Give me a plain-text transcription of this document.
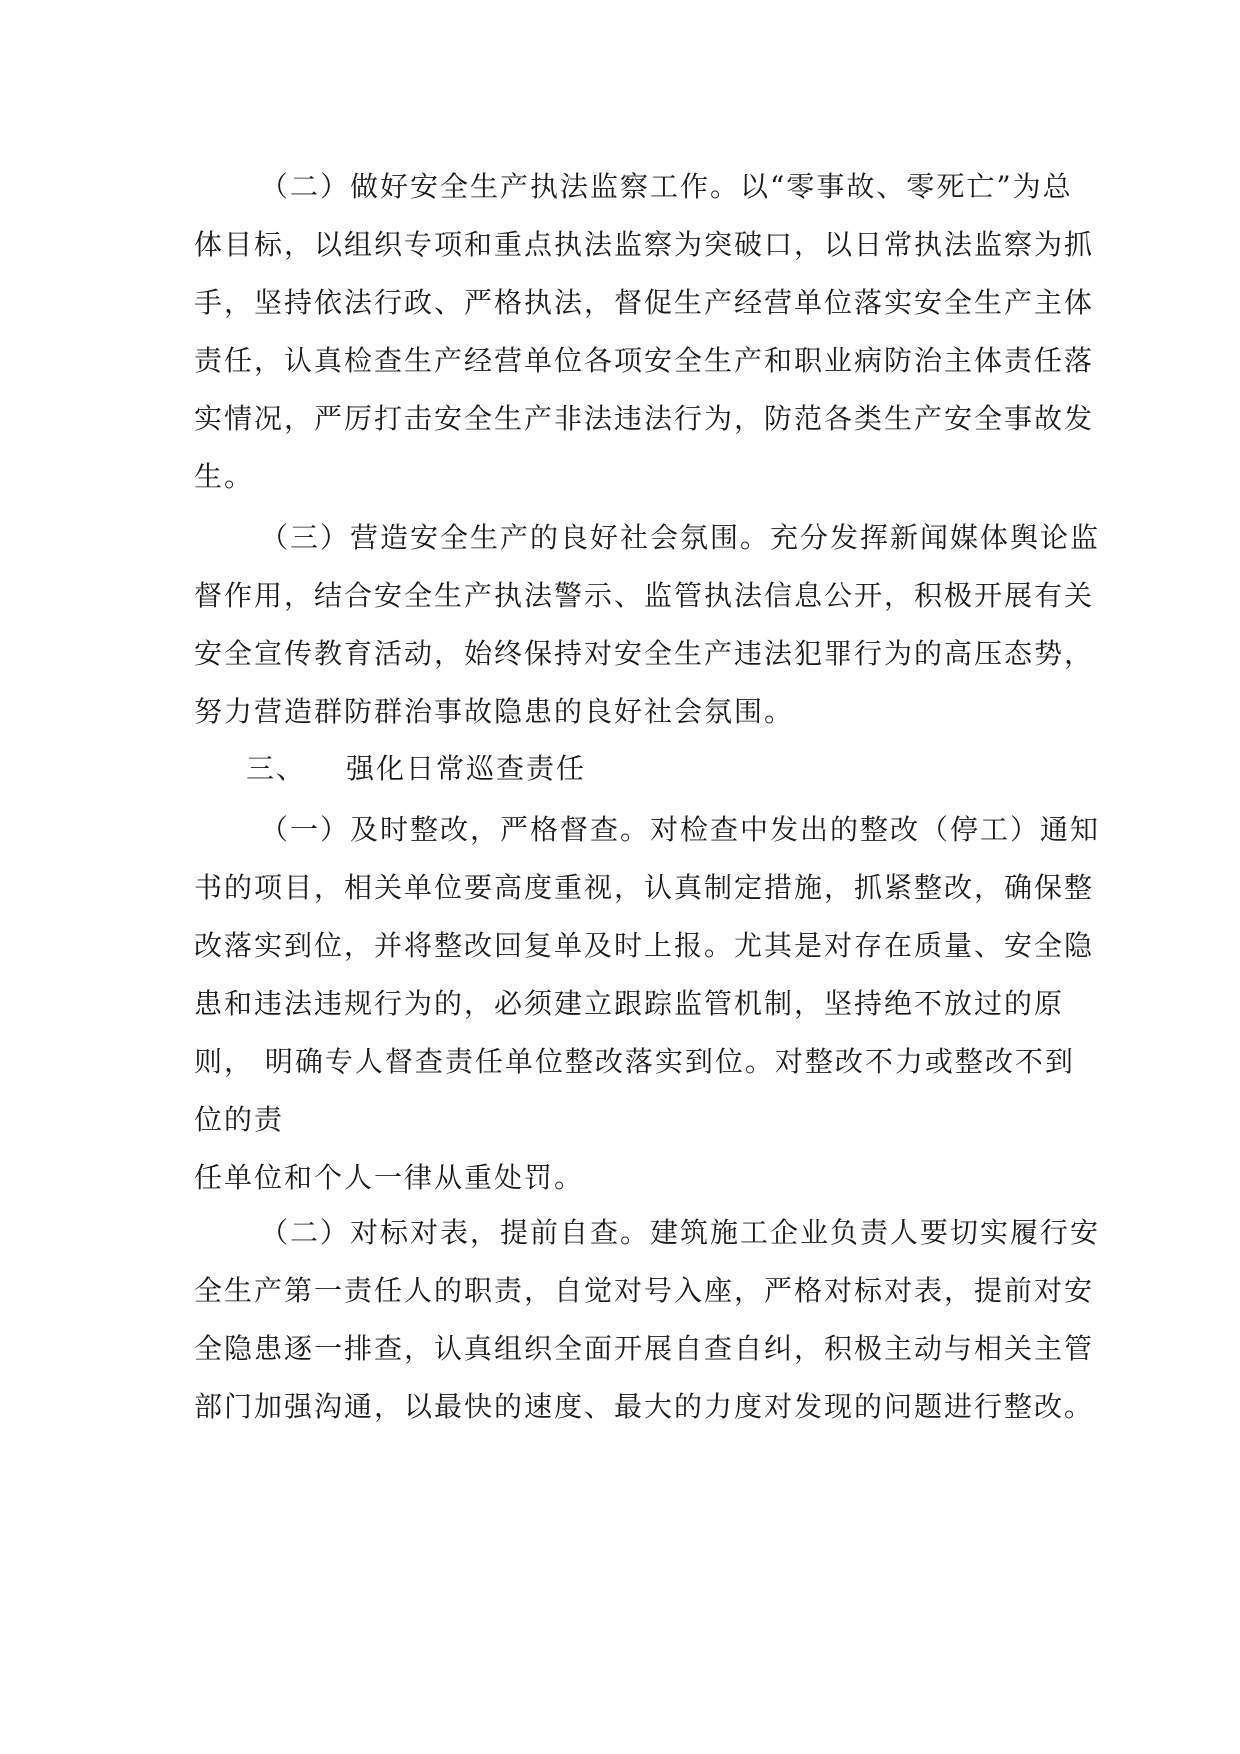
（二）做好安全生产执法监察工作。以“零事故、零死亡”为总
体目标，以组织专项和重点执法监察为突破口，以日常执法监察为抓
手，坚持依法行政、严格执法，督促生产经营单位落实安全生产主体
责任，认真检查生产经营单位各项安全生产和职业病防治主体责任落
实情况，严厉打击安全生产非法违法行为，防范各类生产安全事故发
生。
（三）营造安全生产的良好社会氛围。充分发挥新闻媒体舆论监
督作用，结合安全生产执法警示、监管执法信息公开，积极开展有关
安全宣传教育活动，始终保持对安全生产违法犯罪行为的高压态势，
努力营造群防群治事故隐患的良好社会氛围。
三、 强化日常巡查责任
（一）及时整改，严格督查。对检查中发出的整改（停工）通知
书的项目，相关单位要高度重视，认真制定措施，抓紧整改，确保整
改落实到位，并将整改回复单及时上报。尤其是对存在质量、安全隐
患和违法违规行为的，必须建立跟踪监管机制，坚持绝不放过的原
则， 明确专人督查责任单位整改落实到位。对整改不力或整改不到
位的责
任单位和个人一律从重处罚。
（二）对标对表，提前自查。建筑施工企业负责人要切实履行安
全生产第一责任人的职责，自觉对号入座，严格对标对表，提前对安
全隐患逐一排查，认真组织全面开展自查自纠，积极主动与相关主管
部门加强沟通，以最快的速度、最大的力度对发现的问题进行整改。
